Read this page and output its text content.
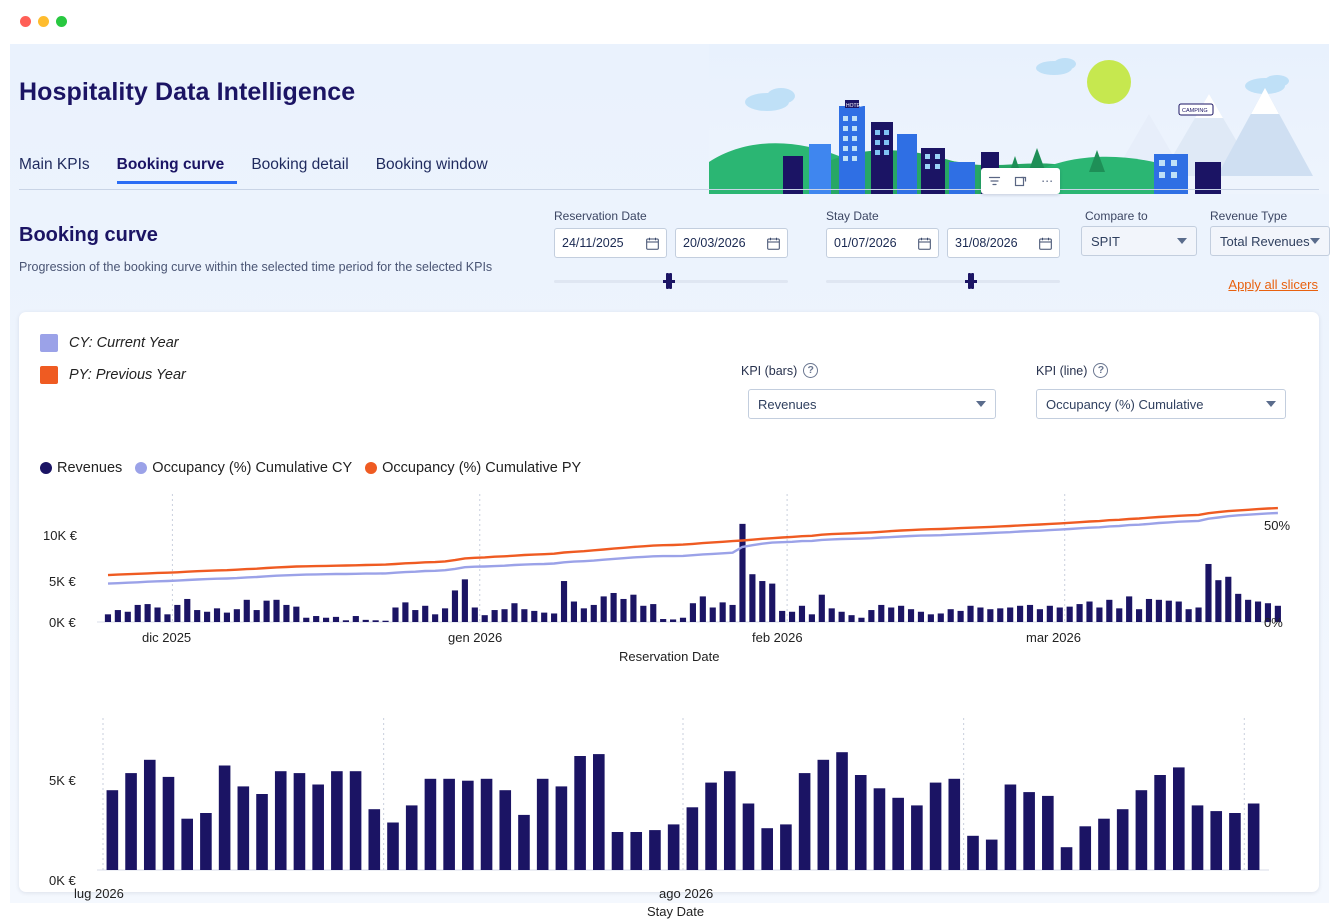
HOTEL
CAMPING
Hospitality Data Intelligence
Main KPIs	Booking curve	Booking detail	Booking window
Booking curve
Progression of the booking curve within the selected time period for the selected KPIs
⋯
Reservation Date
24/11/2025	20/03/2026
Stay Date
01/07/2026	31/08/2026
Compare to
SPIT
Revenue Type
Total Revenues
Apply all slicers
CY: Current Year
PY: Previous Year	KPI (bars) ?
Revenues
KPI (line) ?
Occupancy (%) Cumulative
Revenues Occupancy (%) Cumulative CY Occupancy (%) Cumulative PY
10K €
5K €
0K €
50%
0%
dic 2025	gen 2026	feb 2026	mar 2026
Reservation Date
5K €
0K €
lug 2026	ago 2026
Stay Date
